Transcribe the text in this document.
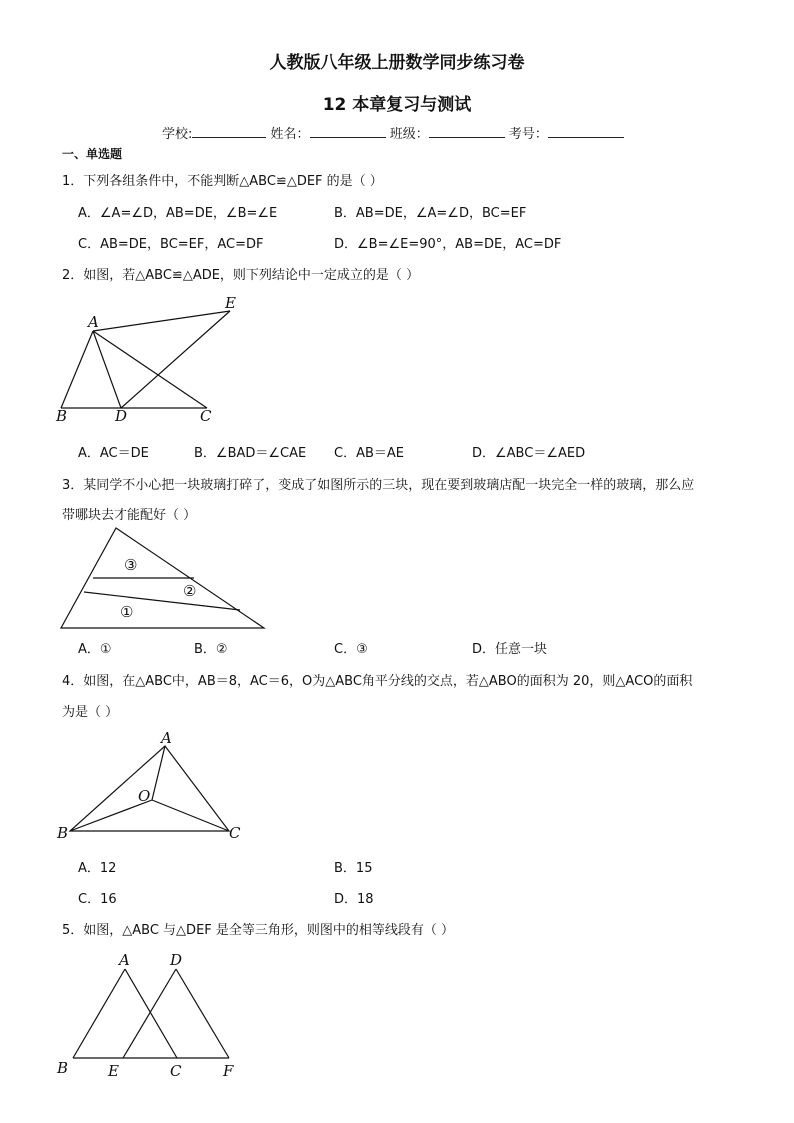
人教版八年级上册数学同步练习卷
12 本章复习与测试
学校:	姓名：	班级：	考号：
一、单选题
1．下列各组条件中，不能判断△ABC≌△DEF 的是（ ）
A．∠A=∠D，AB=DE，∠B=∠E	B．AB=DE，∠A=∠D，BC=EF
C．AB=DE，BC=EF，AC=DF	D．∠B=∠E=90°，AB=DE，AC=DF
2．如图，若△ABC≌△ADE，则下列结论中一定成立的是（ ）
A
E
B	D	C
A．AC＝DE	B．∠BAD＝∠CAE C．AB＝AE	D．∠ABC＝∠AED
3．某同学不小心把一块玻璃打碎了，变成了如图所示的三块，现在要到玻璃店配一块完全一样的玻璃，那么应
带哪块去才能配好（ ）
③
②
①
A．①	B．②	C．③	D．任意一块
4．如图，在△ABC中，AB＝8，AC＝6，O为△ABC角平分线的交点，若△ABO的面积为 20，则△ACO的面积
为是（ ）
A
O
B	C
A．12	B．15
C．16	D．18
5．如图，△ABC 与△DEF 是全等三角形，则图中的相等线段有（ ）
A	D
B	E	C	F
